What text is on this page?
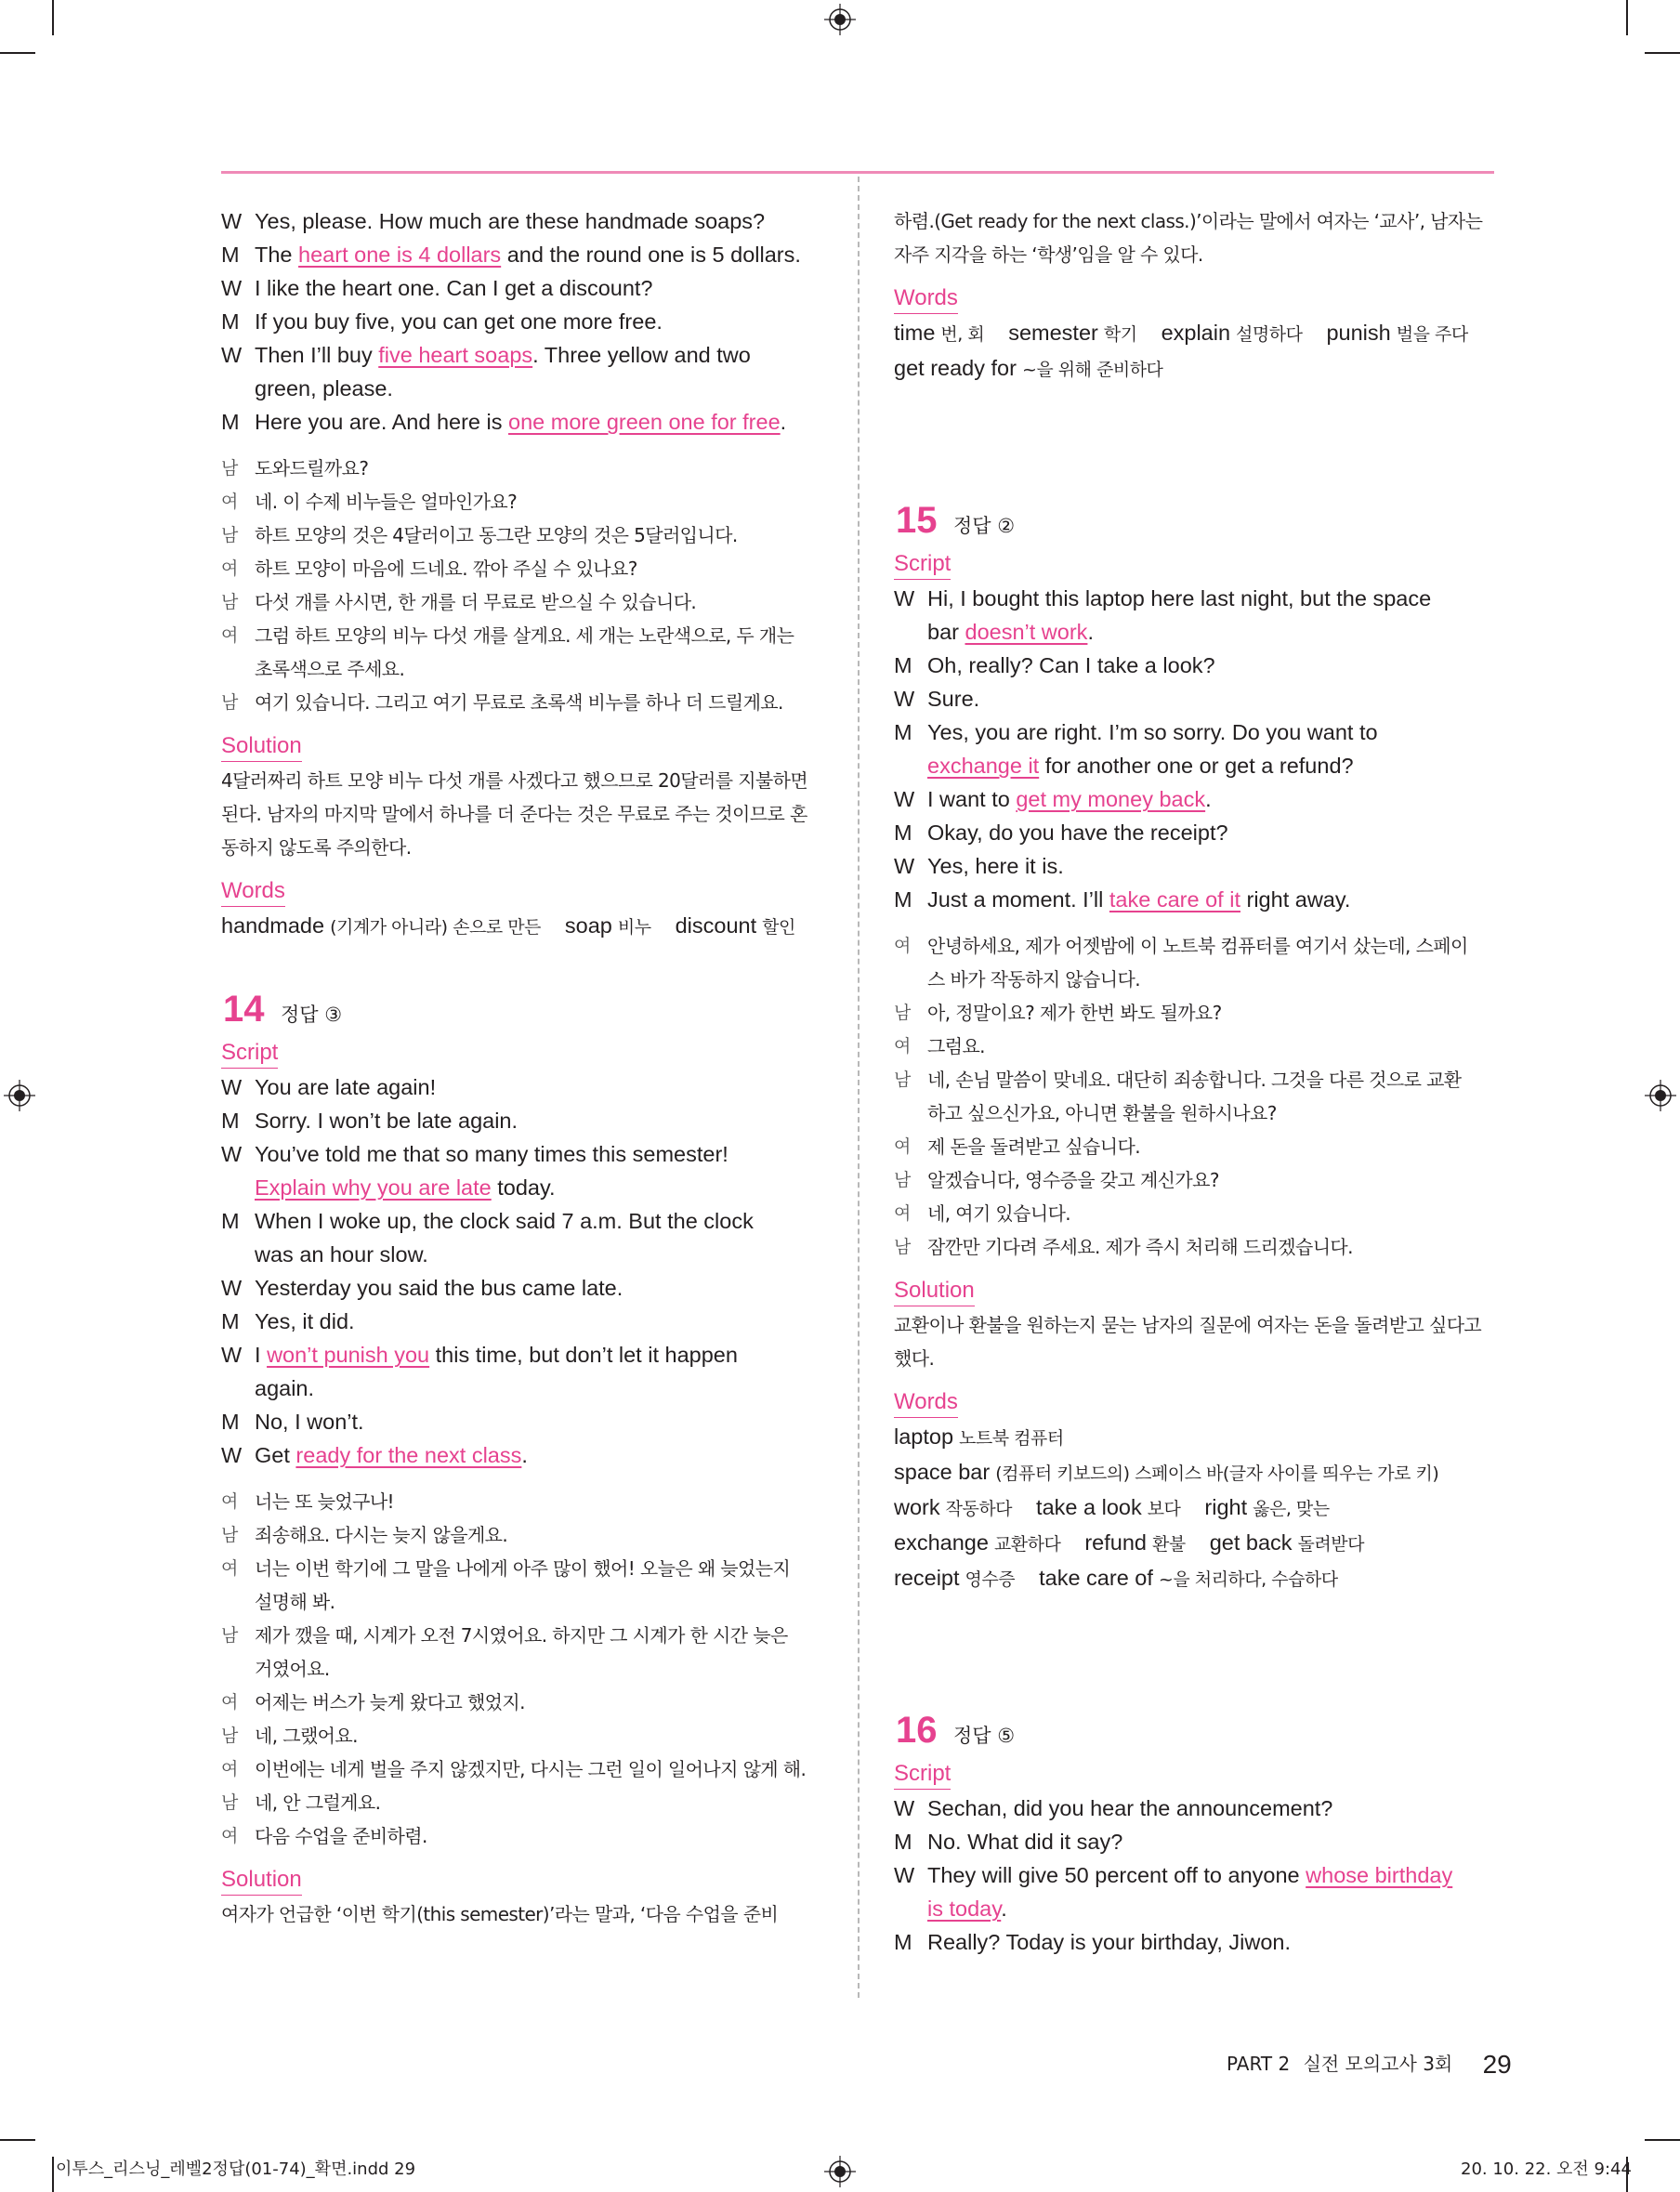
W Yes, please. How much are these handmade soaps?
M The heart one is 4 dollars and the round one is 5 dollars.
W I like the heart one. Can I get a discount?
M If you buy five, you can get one more free.
W Then I’ll buy five heart soaps. Three yellow and two
green, please.
M Here you are. And here is one more green one for free.
남 도와드릴까요?
여 네. 이 수제 비누들은 얼마인가요?
남 하트 모양의 것은 4달러이고 동그란 모양의 것은 5달러입니다.
여 하트 모양이 마음에 드네요. 깎아 주실 수 있나요?
남 다섯 개를 사시면, 한 개를 더 무료로 받으실 수 있습니다.
여 그럼 하트 모양의 비누 다섯 개를 살게요. 세 개는 노란색으로, 두 개는
초록색으로 주세요.
남 여기 있습니다. 그리고 여기 무료로 초록색 비누를 하나 더 드릴게요.
Solution
4달러짜리 하트 모양 비누 다섯 개를 사겠다고 했으므로 20달러를 지불하면 된다. 남자의 마지막 말에서 하나를 더 준다는 것은 무료로 주는 것이므로 혼동하지 않도록 주의한다.
Words
handmade (기계가 아니라) 손으로 만든 soap 비누 discount 할인
14 정답 ③
Script
W You are late again!
M Sorry. I won’t be late again.
W You’ve told me that so many times this semester!
Explain why you are late today.
M When I woke up, the clock said 7 a.m. But the clock
was an hour slow.
W Yesterday you said the bus came late.
M Yes, it did.
W I won’t punish you this time, but don’t let it happen
again.
M No, I won’t.
W Get ready for the next class.
여 너는 또 늦었구나!
남 죄송해요. 다시는 늦지 않을게요.
여 너는 이번 학기에 그 말을 나에게 아주 많이 했어! 오늘은 왜 늦었는지
설명해 봐.
남 제가 깼을 때, 시계가 오전 7시였어요. 하지만 그 시계가 한 시간 늦은
거였어요.
여 어제는 버스가 늦게 왔다고 했었지.
남 네, 그랬어요.
여 이번에는 네게 벌을 주지 않겠지만, 다시는 그런 일이 일어나지 않게 해.
남 네, 안 그럴게요.
여 다음 수업을 준비하렴.
Solution
여자가 언급한 ‘이번 학기(this semester)’라는 말과, ‘다음 수업을 준비
하렴.(Get ready for the next class.)’이라는 말에서 여자는 ‘교사’, 남자는 자주 지각을 하는 ‘학생’임을 알 수 있다.
Words
time 번, 회 semester 학기 explain 설명하다 punish 벌을 주다
get ready for ~을 위해 준비하다
15 정답 ②
Script
W Hi, I bought this laptop here last night, but the space
bar doesn’t work.
M Oh, really? Can I take a look?
W Sure.
M Yes, you are right. I’m so sorry. Do you want to
exchange it for another one or get a refund?
W I want to get my money back.
M Okay, do you have the receipt?
W Yes, here it is.
M Just a moment. I’ll take care of it right away.
여 안녕하세요, 제가 어젯밤에 이 노트북 컴퓨터를 여기서 샀는데, 스페이
스 바가 작동하지 않습니다.
남 아, 정말이요? 제가 한번 봐도 될까요?
여 그럼요.
남 네, 손님 말씀이 맞네요. 대단히 죄송합니다. 그것을 다른 것으로 교환
하고 싶으신가요, 아니면 환불을 원하시나요?
여 제 돈을 돌려받고 싶습니다.
남 알겠습니다, 영수증을 갖고 계신가요?
여 네, 여기 있습니다.
남 잠깐만 기다려 주세요. 제가 즉시 처리해 드리겠습니다.
Solution
교환이나 환불을 원하는지 묻는 남자의 질문에 여자는 돈을 돌려받고 싶다고 했다.
Words
laptop 노트북 컴퓨터
space bar (컴퓨터 키보드의) 스페이스 바(글자 사이를 띄우는 가로 키)
work 작동하다 take a look 보다 right 옳은, 맞는
exchange 교환하다 refund 환불 get back 돌려받다
receipt 영수증 take care of ~을 처리하다, 수습하다
16 정답 ⑤
Script
W Sechan, did you hear the announcement?
M No. What did it say?
W They will give 50 percent off to anyone whose birthday
is today.
M Really? Today is your birthday, Jiwon.
PART 2 실전 모의고사 3회 29
이투스_리스닝_레벨2정답(01-74)_확면.indd 29	20. 10. 22. 오전 9:44
